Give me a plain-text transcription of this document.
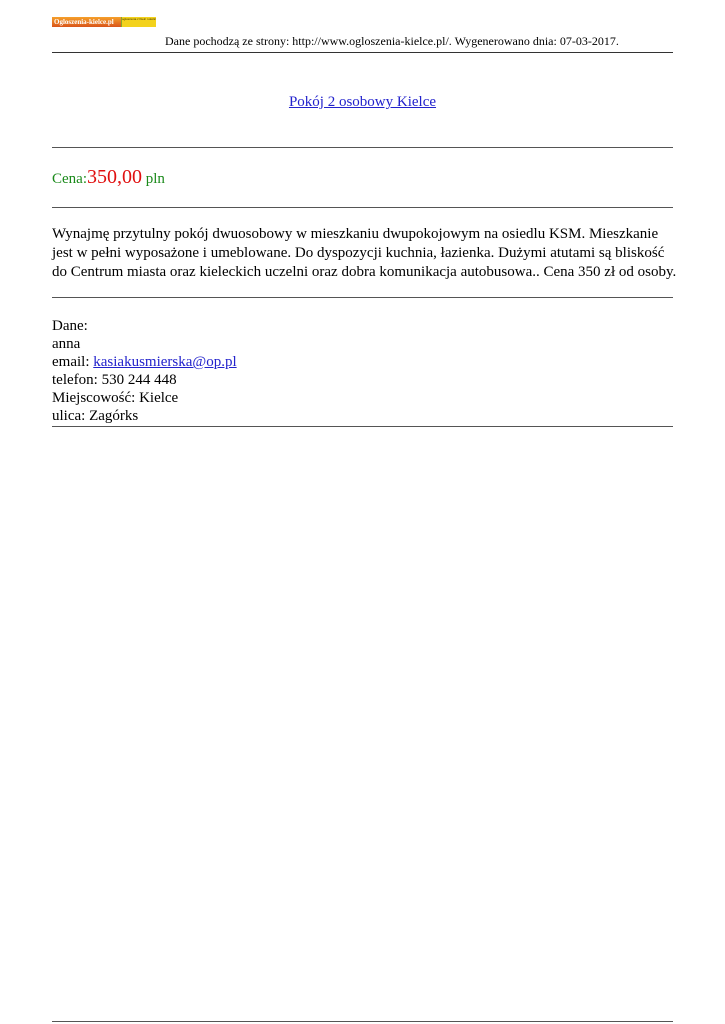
Ogloszenia-kielce.pl	ogłoszenia z Kielc i okolic
Dane pochodzą ze strony: http://www.ogloszenia-kielce.pl/. Wygenerowano dnia: 07-03-2017.
Pokój 2 osobowy Kielce
Cena:350,00 pln
Wynajmę przytulny pokój dwuosobowy w mieszkaniu dwupokojowym na osiedlu KSM. Mieszkanie
jest w pełni wyposażone i umeblowane. Do dyspozycji kuchnia, łazienka. Dużymi atutami są bliskość
do Centrum miasta oraz kieleckich uczelni oraz dobra komunikacja autobusowa.. Cena 350 zł od osoby.
Dane:
anna
email: kasiakusmierska@op.pl
telefon: 530 244 448
Miejscowość: Kielce
ulica: Zagórks
